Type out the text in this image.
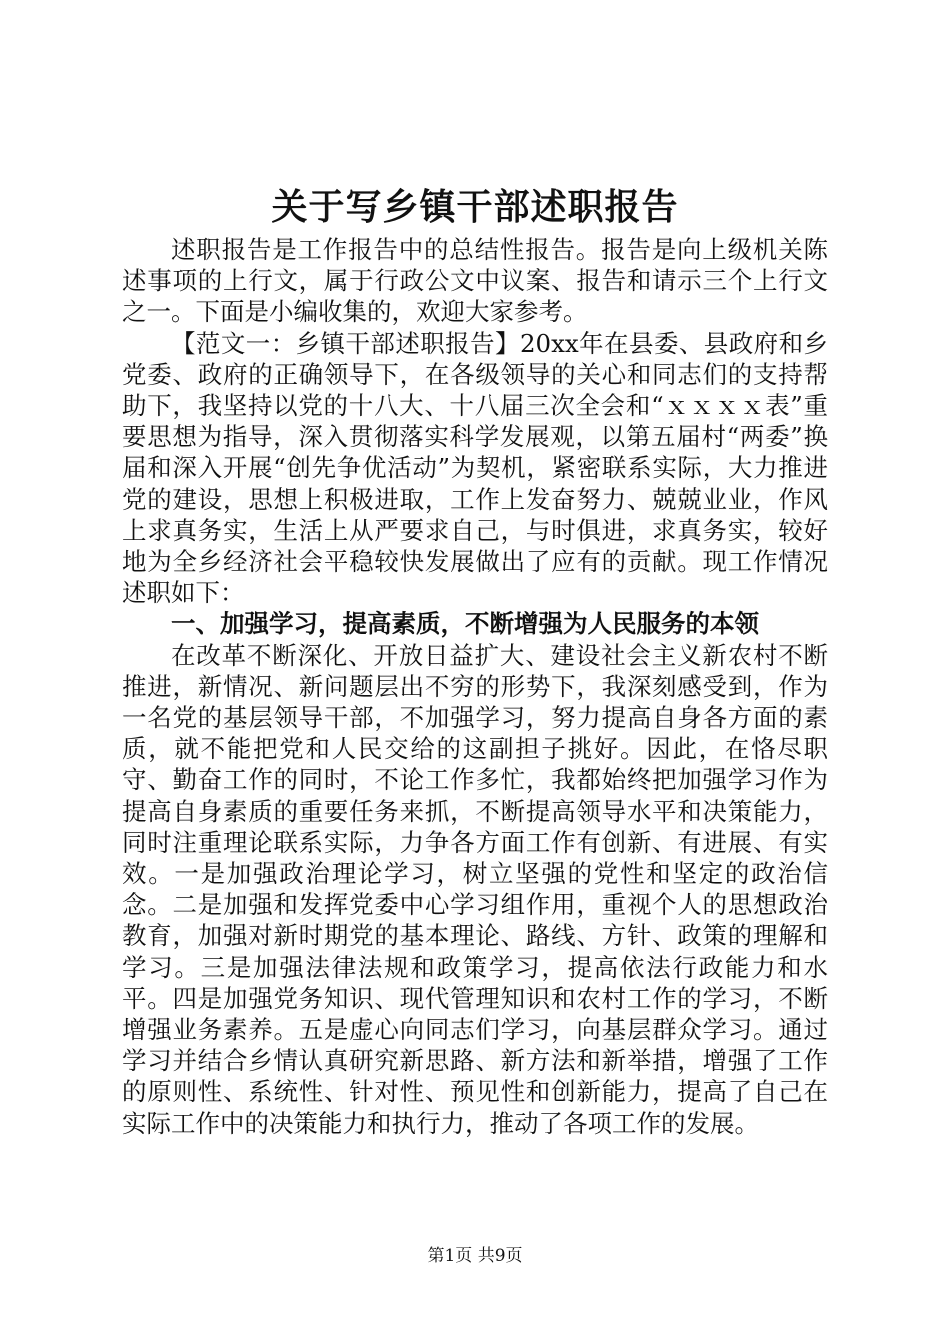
关于写乡镇干部述职报告

述职报告是工作报告中的总结性报告。报告是向上级机关陈述事项的上行文，属于行政公文中议案、报告和请示三个上行文之一。下面是小编收集的，欢迎大家参考。

【范文一：乡镇干部述职报告】20xx年在县委、县政府和乡党委、政府的正确领导下，在各级领导的关心和同志们的支持帮助下，我坚持以党的十八大、十八届三次全会和“ｘｘｘｘ表”重要思想为指导，深入贯彻落实科学发展观，以第五届村“两委”换届和深入开展“创先争优活动”为契机，紧密联系实际，大力推进党的建设，思想上积极进取，工作上发奋努力、兢兢业业，作风上求真务实，生活上从严要求自己，与时俱进，求真务实，较好地为全乡经济社会平稳较快发展做出了应有的贡献。现工作情况述职如下：

一、加强学习，提高素质，不断增强为人民服务的本领

在改革不断深化、开放日益扩大、建设社会主义新农村不断推进，新情况、新问题层出不穷的形势下，我深刻感受到，作为一名党的基层领导干部，不加强学习，努力提高自身各方面的素质，就不能把党和人民交给的这副担子挑好。因此，在恪尽职守、勤奋工作的同时，不论工作多忙，我都始终把加强学习作为提高自身素质的重要任务来抓，不断提高领导水平和决策能力，同时注重理论联系实际，力争各方面工作有创新、有进展、有实效。一是加强政治理论学习，树立坚强的党性和坚定的政治信念。二是加强和发挥党委中心学习组作用，重视个人的思想政治教育，加强对新时期党的基本理论、路线、方针、政策的理解和学习。三是加强法律法规和政策学习，提高依法行政能力和水平。四是加强党务知识、现代管理知识和农村工作的学习，不断增强业务素养。五是虚心向同志们学习，向基层群众学习。通过学习并结合乡情认真研究新思路、新方法和新举措，增强了工作的原则性、系统性、针对性、预见性和创新能力，提高了自己在实际工作中的决策能力和执行力，推动了各项工作的发展。

第1页 共9页
